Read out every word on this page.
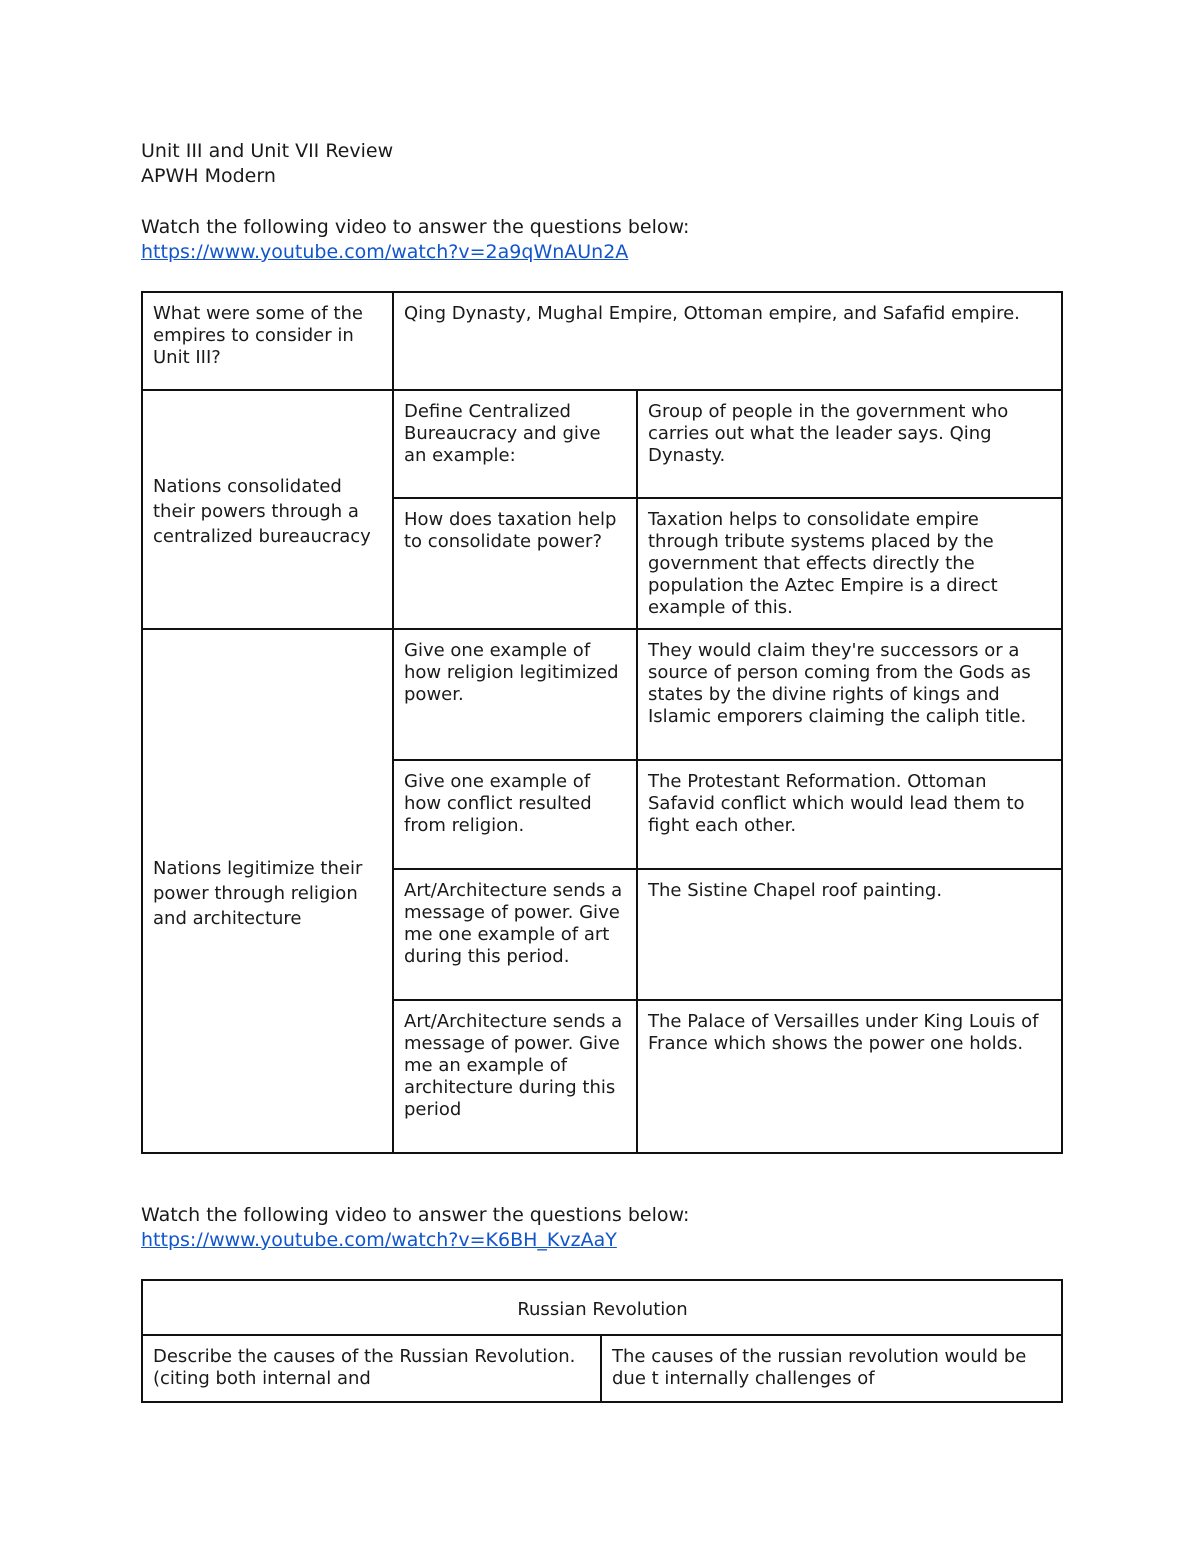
Unit III and Unit VII Review
APWH Modern
Watch the following video to answer the questions below:
https://www.youtube.com/watch?v=2a9qWnAUn2A
What were some of the empires to consider in Unit III?	Qing Dynasty, Mughal Empire, Ottoman empire, and Safafid empire.	
Nations consolidated their powers through a centralized bureaucracy	Define Centralized Bureaucracy and give an example:	Group of people in the government who carries out what the leader says. Qing Dynasty.
	How does taxation help to consolidate power?	Taxation helps to consolidate empire through tribute systems placed by the government that effects directly the population the Aztec Empire is a direct example of this.
Nations legitimize their power through religion and architecture	Give one example of how religion legitimized power.	They would claim they're successors or a source of person coming from the Gods as states by the divine rights of kings and Islamic emporers claiming the caliph title.
	Give one example of how conflict resulted from religion.	The Protestant Reformation. Ottoman Safavid conflict which would lead them to fight each other.
	Art/Architecture sends a message of power. Give me one example of art during this period.	The Sistine Chapel roof painting.
	Art/Architecture sends a message of power. Give me an example of architecture during this period	The Palace of Versailles under King Louis of France which shows the power one holds.
Watch the following video to answer the questions below:
https://www.youtube.com/watch?v=K6BH_KvzAaY
Russian Revolution
Describe the causes of the Russian Revolution. (citing both internal and	The causes of the russian revolution would be due t internally challenges of
